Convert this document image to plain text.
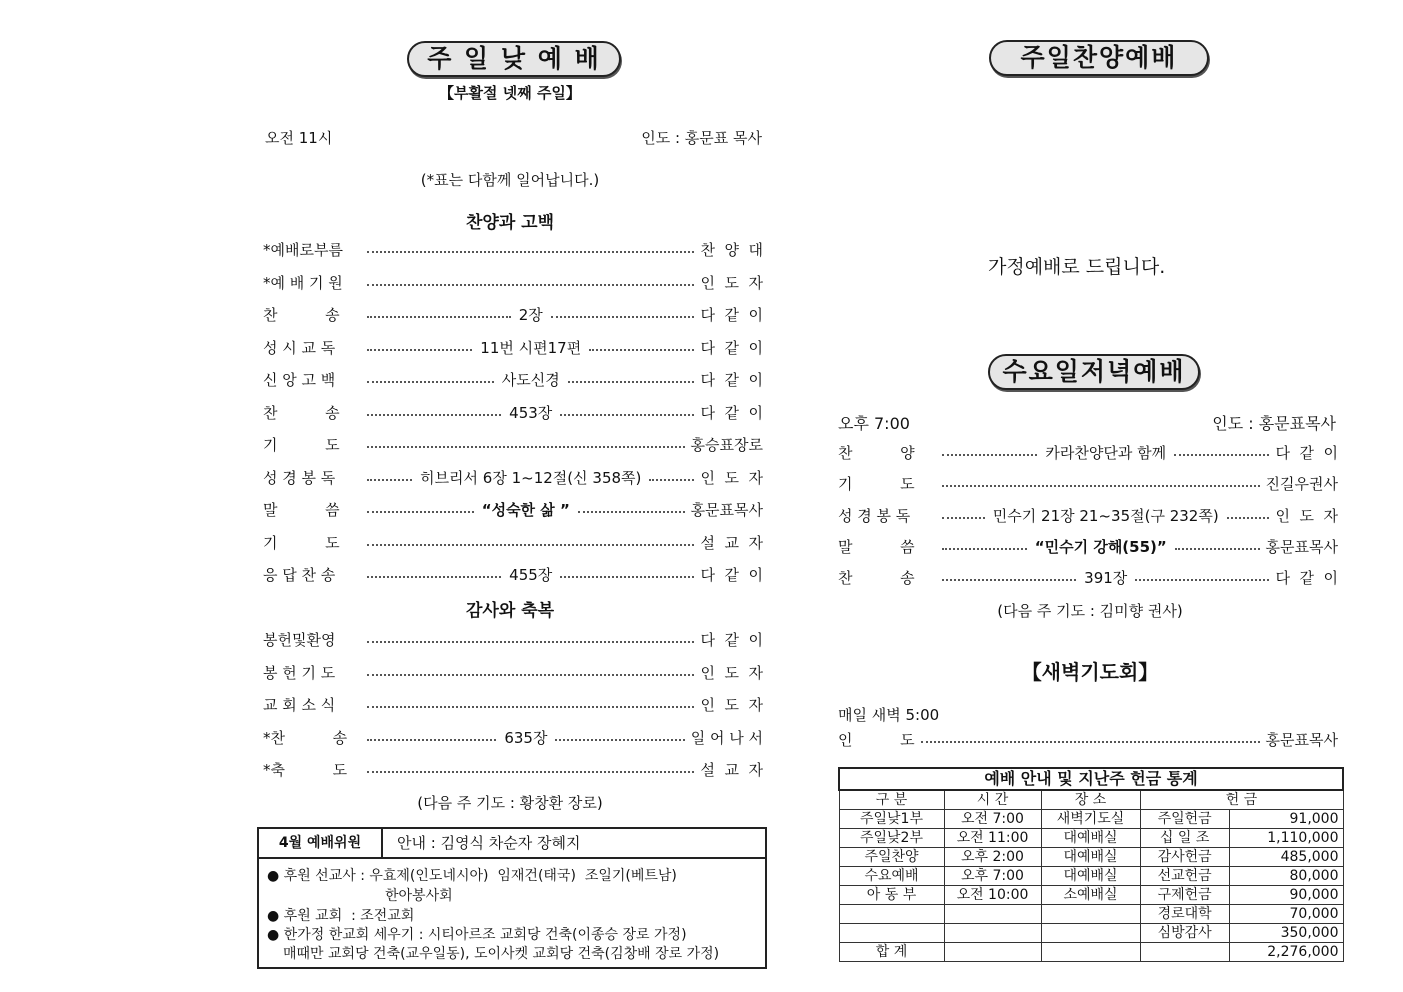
주 일 낮 예 배
【부활절 넷째 주일】
오전 11시	인도 : 홍문표 목사
(*표는 다함께 일어납니다.)
찬양과 고백
*예배로부름	찬  양  대
*예 배 기 원	인  도  자
찬          송	2장	다  같  이
성 시 교 독	11번 시편17편	다  같  이
신 앙 고 백	사도신경	다  같  이
찬          송	453장	다  같  이
기          도	홍승표장로
성 경 봉 독	히브리서 6장 1~12절(신 358쪽)	인  도  자
말          씀	“성숙한 삶 ”	홍문표목사
기          도	설  교  자
응 답 찬 송	455장	다  같  이
감사와 축복
봉헌및환영	다  같  이
봉 헌 기 도	인  도  자
교 회 소 식	인  도  자
*찬          송	635장	일 어 나 서
*축          도	설  교  자
(다음 주 기도 : 황창환 장로)
4월 예배위원	안내 : 김영식 차순자 장혜지
● 후원 선교사 : 우효제(인도네시아)  임재건(태국)  조일기(베트남)
한아봉사회
● 후원 교회  : 조전교회
● 한가정 한교회 세우기 : 시티아르조 교회당 건축(이종승 장로 가정)
매때만 교회당 건축(교우일동), 도이사켓 교회당 건축(김창배 장로 가정)
주일찬양예배
가정예배로 드립니다.
수요일저녁예배
오후 7:00	인도 : 홍문표목사
찬          양	카라찬양단과 함께	다  같  이
기          도	진길우권사
성 경 봉 독	민수기 21장 21~35절(구 232쪽)	인  도  자
말          씀	“민수기 강해(55)”	홍문표목사
찬          송	391장	다  같  이
(다음 주 기도 : 김미향 권사)
【새벽기도회】
매일 새벽 5:00
인          도	홍문표목사
예배 안내 및 지난주 헌금 통계				
구 분	시 간	장 소	헌 금	
주일낮1부	오전 7:00	새벽기도실	주일헌금	91,000
주일낮2부	오전 11:00	대예배실	십 일 조	1,110,000
주일찬양	오후 2:00	대예배실	감사헌금	485,000
수요예배	오후 7:00	대예배실	선교헌금	80,000
아 동 부	오전 10:00	소예배실	구제헌금	90,000
			경로대학	70,000
			심방감사	350,000
합 계				2,276,000
